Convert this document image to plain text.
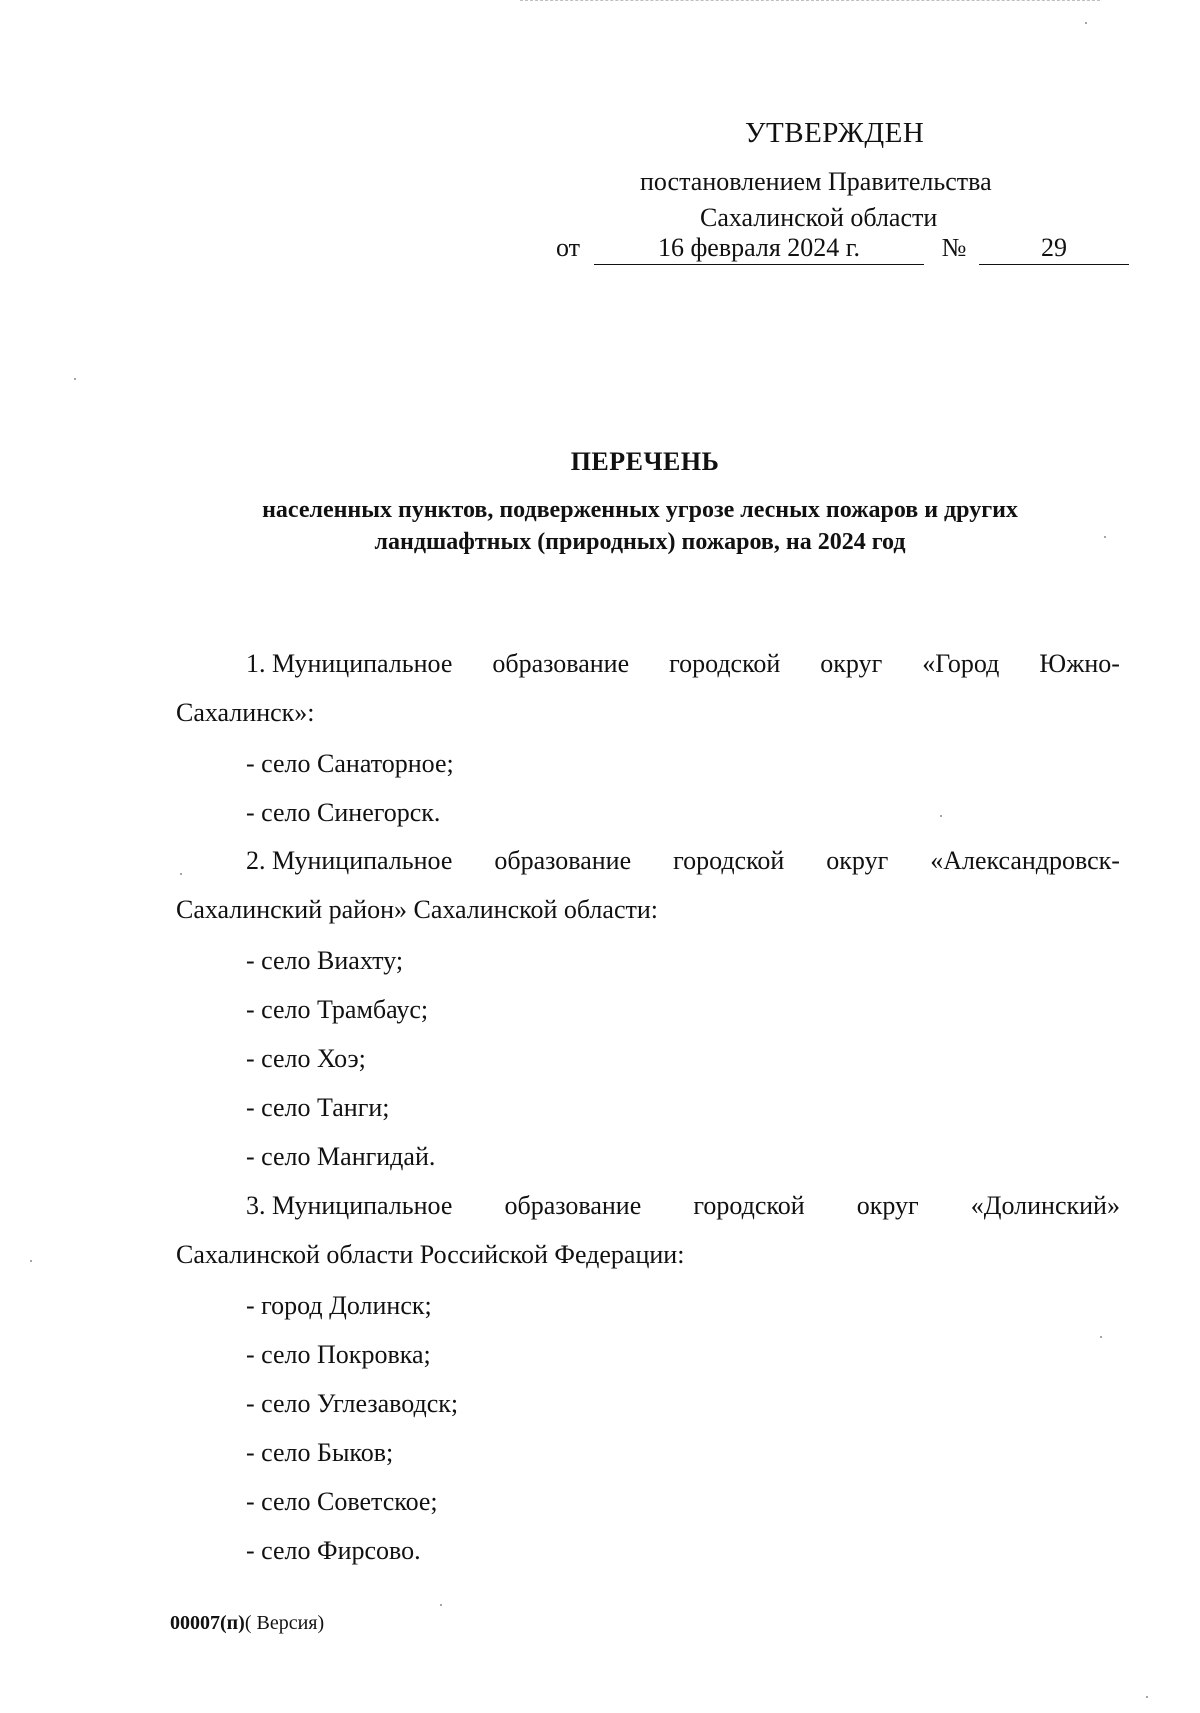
УТВЕРЖДЕН
постановлением Правительства
Сахалинской области
от	16 февраля 2024 г.	№	29
ПЕРЕЧЕНЬ
населенных пунктов, подверженных угрозе лесных пожаров и других
ландшафтных (природных) пожаров, на 2024 год
1. Муниципальное образование городской округ «Город Южно-
Сахалинск»:
- село Санаторное;
- село Синегорск.
2. Муниципальное образование городской округ «Александровск-
Сахалинский район» Сахалинской области:
- село Виахту;
- село Трамбаус;
- село Хоэ;
- село Танги;
- село Мангидай.
3. Муниципальное образование городской округ «Долинский»
Сахалинской области Российской Федерации:
- город Долинск;
- село Покровка;
- село Углезаводск;
- село Быков;
- село Советское;
- село Фирсово.
00007(п)( Версия)
